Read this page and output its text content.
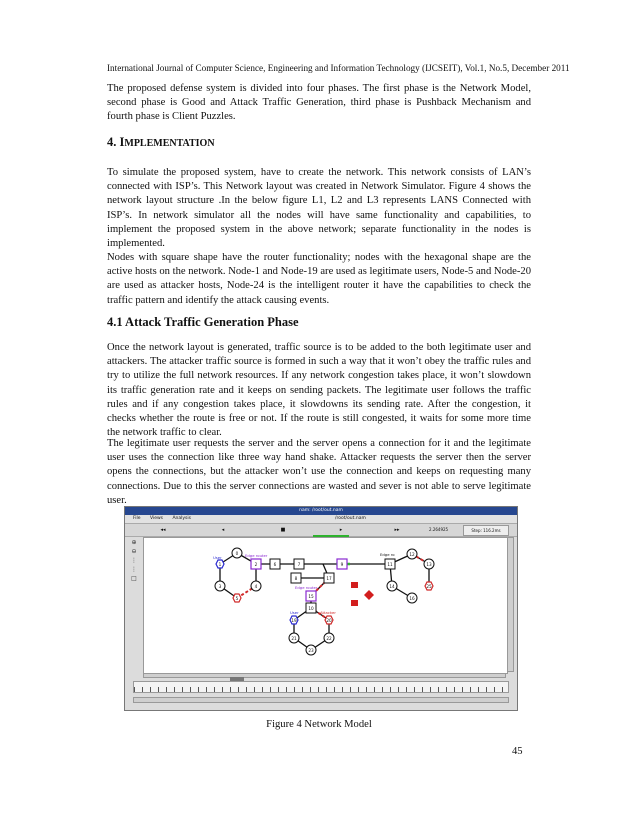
International Journal of Computer Science, Engineering and Information Technology (IJCSEIT), Vol.1, No.5, December 2011

The proposed defense system is divided into four phases. The first phase is the Network Model, second phase is Good and Attack Traffic Generation, third phase is Pushback Mechanism and fourth phase is Client Puzzles.

4. IMPLEMENTATION

To simulate the proposed system, have to create the network. This network consists of LAN’s connected with ISP’s. This Network layout was created in Network Simulator. Figure 4 shows the network layout structure .In the below figure L1, L2 and L3 represents LANS Connected with ISP’s. In network simulator all the nodes will have same functionality and capabilities, to implement the proposed system in the above network; separate functionality in the nodes is implemented.

Nodes with square shape have the router functionality; nodes with the hexagonal shape are the active hosts on the network. Node-1 and Node-19 are used as legitimate users, Node-5 and Node-20 are used as attacker hosts, Node-24 is the intelligent router it have the capabilities to check the traffic pattern and identify the attack causing events.

4.1 Attack Traffic Generation Phase

Once the network layout is generated, traffic source is to be added to the both legitimate user and attackers. The attacker traffic source is formed in such a way that it won’t obey the traffic rules and try to utilize the full network resources. If any network congestion takes place, it won’t slowdown its traffic generation rate and it keeps on sending packets. The legitimate user follows the traffic rules and if any congestion takes place, it slowdowns its sending rate. After the congestion, it checks whether the route is free or not. If the route is still congested, it waits for some more time the network traffic to clear.

The legitimate user requests the server and the server opens a connection for it and the legitimate user uses the connection like three way hand shake. Attacker requests the server then the server opens the connections, but the attacker won’t use the connection and keeps on requesting many connections. Due to this the server connections are wasted and sever is not able to serve legitimate user.

nam: /root/out.nam
File Views Analysis	/root/out.nam
◂◂	◂	■	▸	▸▸	2.264925	Step: 116.2ms
⊕
⊖
⋮
⋮
□
0
1	2
3	4
5
6	7
8
9
10
11
12
13
14
15	16
17
19	20
21	22
23
25
User	Edge router	Edge ro
Edge router
User	Attacker
Figure 4 Network Model
45
